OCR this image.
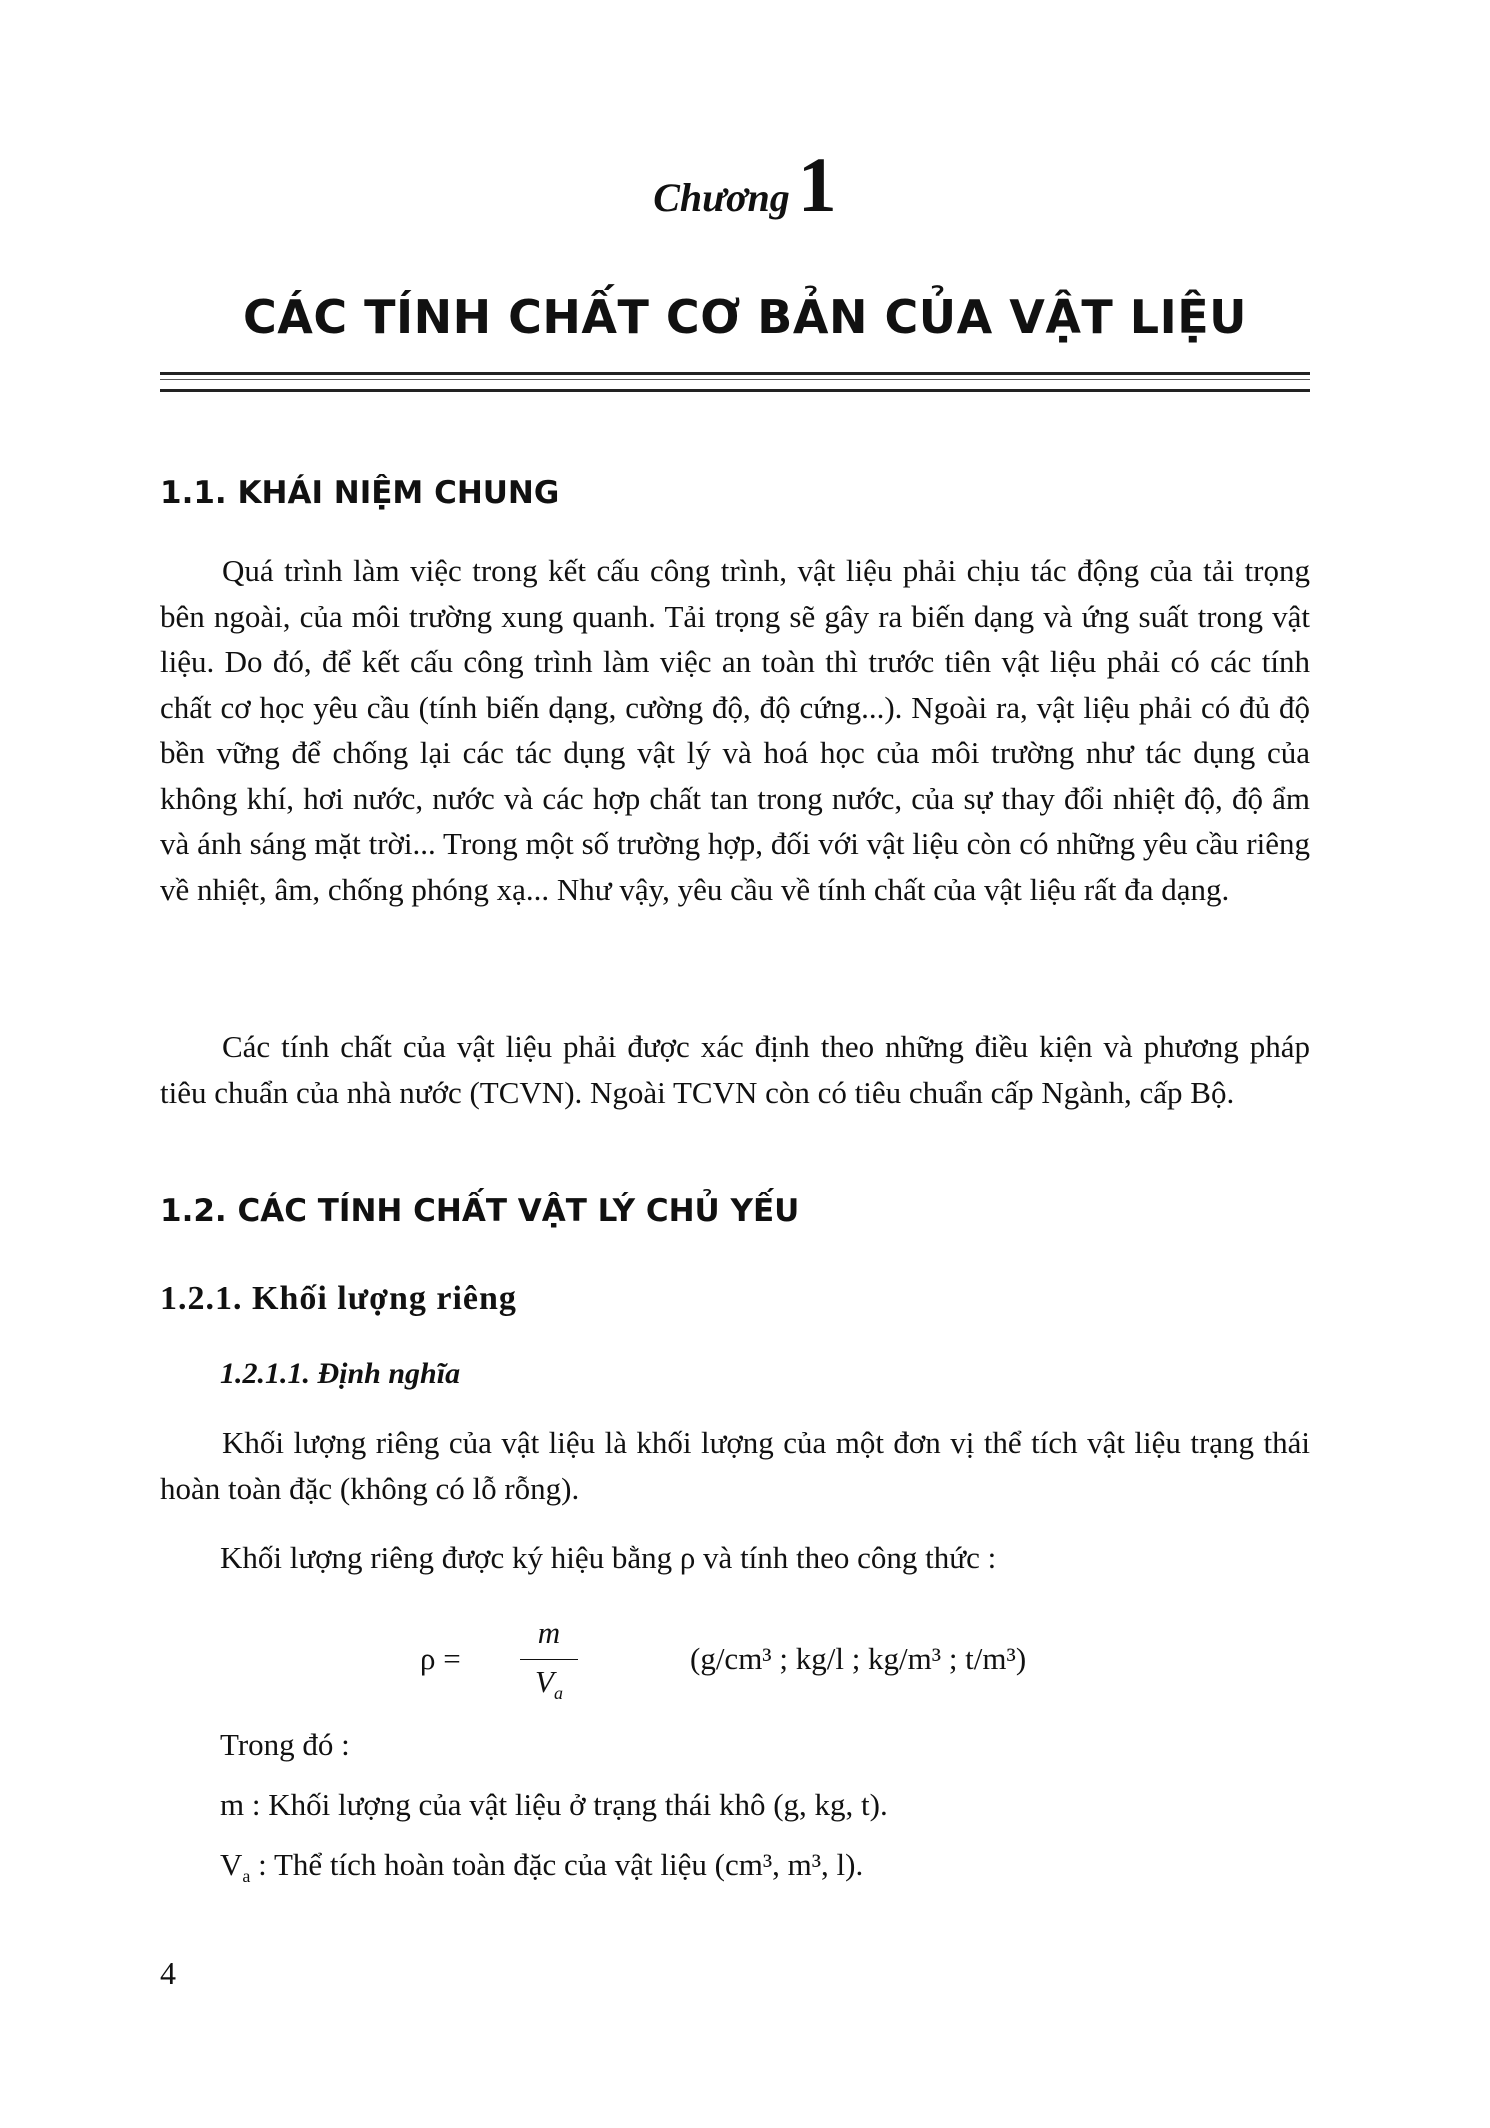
Chương 1
CÁC TÍNH CHẤT CƠ BẢN CỦA VẬT LIỆU
1.1. KHÁI NIỆM CHUNG

Quá trình làm việc trong kết cấu công trình, vật liệu phải chịu tác động của tải trọng bên ngoài, của môi trường xung quanh. Tải trọng sẽ gây ra biến dạng và ứng suất trong vật liệu. Do đó, để kết cấu công trình làm việc an toàn thì trước tiên vật liệu phải có các tính chất cơ học yêu cầu (tính biến dạng, cường độ, độ cứng...). Ngoài ra, vật liệu phải có đủ độ bền vững để chống lại các tác dụng vật lý và hoá học của môi trường như tác dụng của không khí, hơi nước, nước và các hợp chất tan trong nước, của sự thay đổi nhiệt độ, độ ẩm và ánh sáng mặt trời... Trong một số trường hợp, đối với vật liệu còn có những yêu cầu riêng về nhiệt, âm, chống phóng xạ... Như vậy, yêu cầu về tính chất của vật liệu rất đa dạng.

Các tính chất của vật liệu phải được xác định theo những điều kiện và phương pháp tiêu chuẩn của nhà nước (TCVN). Ngoài TCVN còn có tiêu chuẩn cấp Ngành, cấp Bộ.

1.2. CÁC TÍNH CHẤT VẬT LÝ CHỦ YẾU
1.2.1. Khối lượng riêng
1.2.1.1. Định nghĩa

Khối lượng riêng của vật liệu là khối lượng của một đơn vị thể tích vật liệu trạng thái hoàn toàn đặc (không có lỗ rỗng).

Khối lượng riêng được ký hiệu bằng ρ và tính theo công thức :
ρ =
m
$V_a$
(g/cm³ ; kg/l ; kg/m³ ; t/m³)
Trong đó :
m : Khối lượng của vật liệu ở trạng thái khô (g, kg, t).
$V_a$ : Thể tích hoàn toàn đặc của vật liệu (cm³, m³, l).
4
